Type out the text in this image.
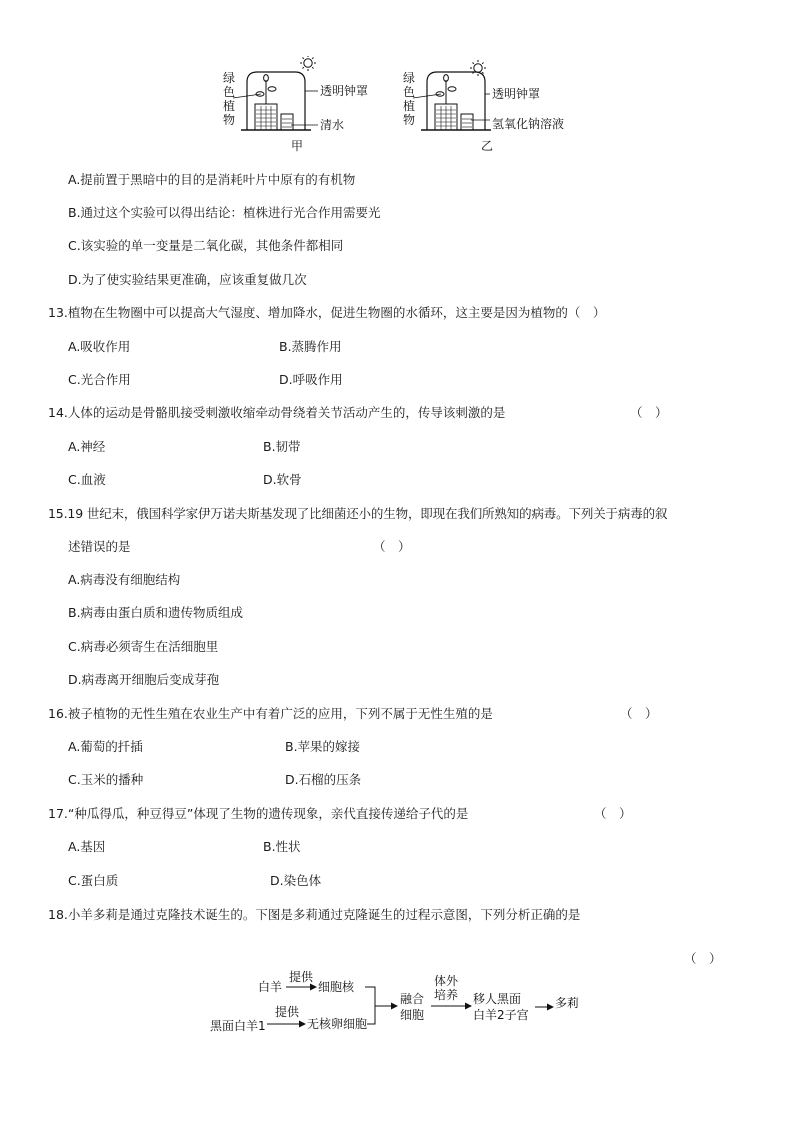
绿
色
植
物
透明钟罩
清水
甲
绿
色
植
物
透明钟罩
氢氧化钠溶液
乙
A.提前置于黑暗中的目的是消耗叶片中原有的有机物
B.通过这个实验可以得出结论：植株进行光合作用需要光
C.该实验的单一变量是二氧化碳，其他条件都相同
D.为了使实验结果更准确，应该重复做几次
13.植物在生物圈中可以提高大气湿度、增加降水，促进生物圈的水循环，这主要是因为植物的（　）
A.吸收作用	B.蒸腾作用
C.光合作用	D.呼吸作用
14.人体的运动是骨骼肌接受刺激收缩牵动骨绕着关节活动产生的，传导该刺激的是	（　）
A.神经	B.韧带
C.血液	D.软骨
15.19 世纪末，俄国科学家伊万诺夫斯基发现了比细菌还小的生物，即现在我们所熟知的病毒。下列关于病毒的叙
述错误的是	（　）
A.病毒没有细胞结构
B.病毒由蛋白质和遗传物质组成
C.病毒必须寄生在活细胞里
D.病毒离开细胞后变成芽孢
16.被子植物的无性生殖在农业生产中有着广泛的应用，下列不属于无性生殖的是	（　）
A.葡萄的扦插	B.苹果的嫁接
C.玉米的播种	D.石榴的压条
17.“种瓜得瓜，种豆得豆”体现了生物的遗传现象，亲代直接传递给子代的是	（　）
A.基因	B.性状
C.蛋白质	D.染色体
18.小羊多莉是通过克隆技术诞生的。下图是多莉通过克隆诞生的过程示意图，下列分析正确的是
（　）
白羊
提供
细胞核
黑面白羊1
提供
无核卵细胞
融合
细胞
体外
培养 移人黑面
白羊2子宫
多莉
